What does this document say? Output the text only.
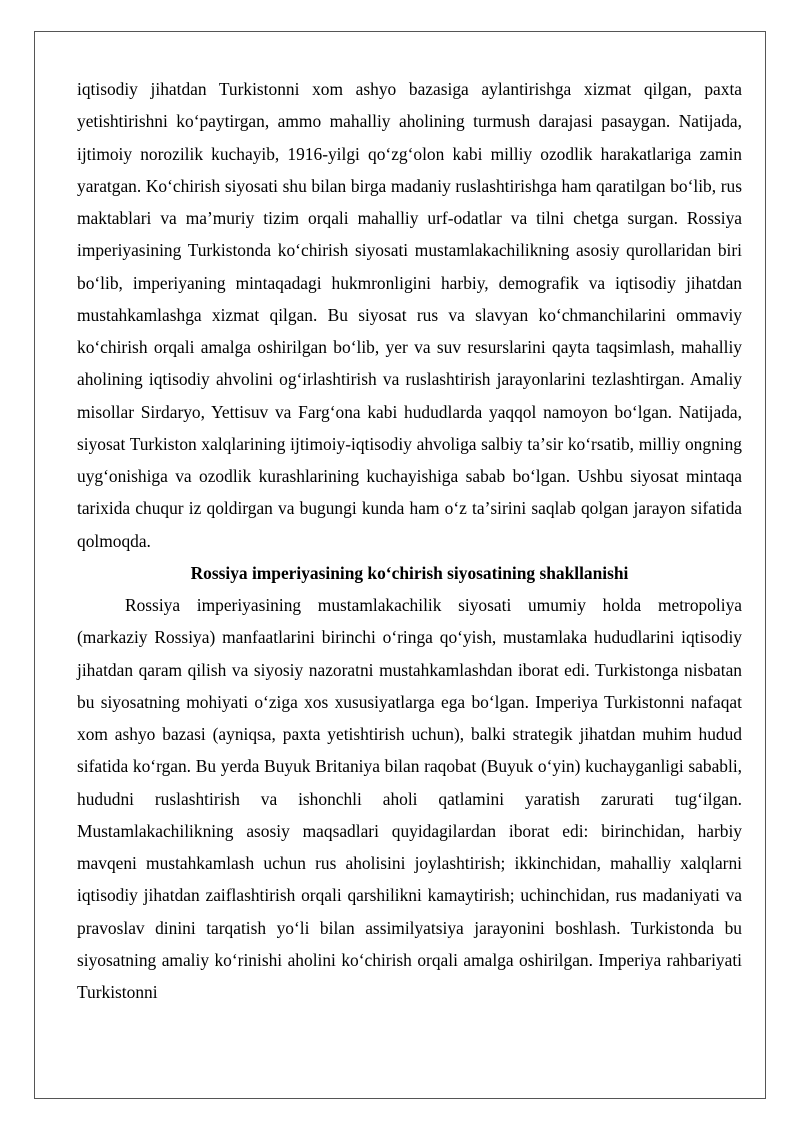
iqtisodiy jihatdan Turkistonni xom ashyo bazasiga aylantirishga xizmat qilgan, paxta yetishtirishni koʻpaytirgan, ammo mahalliy aholining turmush darajasi pasaygan. Natijada, ijtimoiy norozilik kuchayib, 1916-yilgi qoʻzgʻolon kabi milliy ozodlik harakatlariga zamin yaratgan. Koʻchirish siyosati shu bilan birga madaniy ruslashtirishga ham qaratilgan boʻlib, rus maktablari va maʼmuriy tizim orqali mahalliy urf-odatlar va tilni chetga surgan. Rossiya imperiyasining Turkistonda koʻchirish siyosati mustamlakachilikning asosiy qurollaridan biri boʻlib, imperiyaning mintaqadagi hukmronligini harbiy, demografik va iqtisodiy jihatdan mustahkamlashga xizmat qilgan. Bu siyosat rus va slavyan koʻchmanchilarini ommaviy koʻchirish orqali amalga oshirilgan boʻlib, yer va suv resurslarini qayta taqsimlash, mahalliy aholining iqtisodiy ahvolini ogʻirlashtirish va ruslashtirish jarayonlarini tezlashtirgan. Amaliy misollar Sirdaryo, Yettisuv va Fargʻona kabi hududlarda yaqqol namoyon boʻlgan. Natijada, siyosat Turkiston xalqlarining ijtimoiy-iqtisodiy ahvoliga salbiy taʼsir koʻrsatib, milliy ongning uygʻonishiga va ozodlik kurashlarining kuchayishiga sabab boʻlgan. Ushbu siyosat mintaqa tarixida chuqur iz qoldirgan va bugungi kunda ham oʻz taʼsirini saqlab qolgan jarayon sifatida qolmoqda.

Rossiya imperiyasining koʻchirish siyosatining shakllanishi

Rossiya imperiyasining mustamlakachilik siyosati umumiy holda metropoliya (markaziy Rossiya) manfaatlarini birinchi oʻringa qoʻyish, mustamlaka hududlarini iqtisodiy jihatdan qaram qilish va siyosiy nazoratni mustahkamlashdan iborat edi. Turkistonga nisbatan bu siyosatning mohiyati oʻziga xos xususiyatlarga ega boʻlgan. Imperiya Turkistonni nafaqat xom ashyo bazasi (ayniqsa, paxta yetishtirish uchun), balki strategik jihatdan muhim hudud sifatida koʻrgan. Bu yerda Buyuk Britaniya bilan raqobat (Buyuk oʻyin) kuchayganligi sababli, hududni ruslashtirish va ishonchli aholi qatlamini yaratish zarurati tugʻilgan. Mustamlakachilikning asosiy maqsadlari quyidagilardan iborat edi: birinchidan, harbiy mavqeni mustahkamlash uchun rus aholisini joylashtirish; ikkinchidan, mahalliy xalqlarni iqtisodiy jihatdan zaiflashtirish orqali qarshilikni kamaytirish; uchinchidan, rus madaniyati va pravoslav dinini tarqatish yoʻli bilan assimilyatsiya jarayonini boshlash. Turkistonda bu siyosatning amaliy koʻrinishi aholini koʻchirish orqali amalga oshirilgan. Imperiya rahbariyati Turkistonni
